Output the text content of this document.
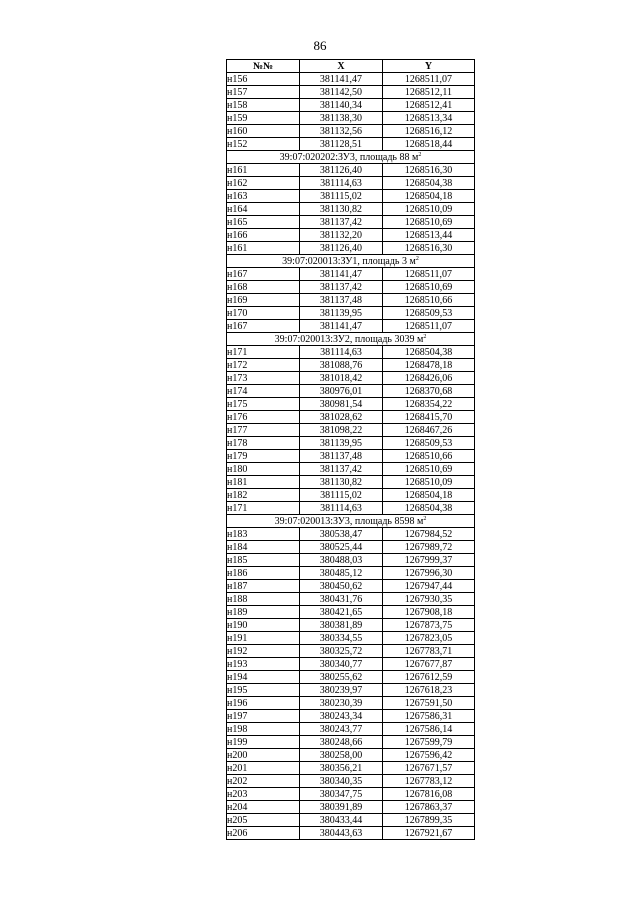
86
№№	X	Y
н156	381141,47	1268511,07
н157	381142,50	1268512,11
н158	381140,34	1268512,41
н159	381138,30	1268513,34
н160	381132,56	1268516,12
н152	381128,51	1268518,44
39:07:020202:ЗУ3, площадь 88 $м^2$
н161	381126,40	1268516,30
н162	381114,63	1268504,38
н163	381115,02	1268504,18
н164	381130,82	1268510,09
н165	381137,42	1268510,69
н166	381132,20	1268513,44
н161	381126,40	1268516,30
39:07:020013:ЗУ1, площадь 3 $м^2$
н167	381141,47	1268511,07
н168	381137,42	1268510,69
н169	381137,48	1268510,66
н170	381139,95	1268509,53
н167	381141,47	1268511,07
39:07:020013:ЗУ2, площадь 3039 $м^2$
н171	381114,63	1268504,38
н172	381088,76	1268478,18
н173	381018,42	1268426,06
н174	380976,01	1268370,68
н175	380981,54	1268354,22
н176	381028,62	1268415,70
н177	381098,22	1268467,26
н178	381139,95	1268509,53
н179	381137,48	1268510,66
н180	381137,42	1268510,69
н181	381130,82	1268510,09
н182	381115,02	1268504,18
н171	381114,63	1268504,38
39:07:020013:ЗУ3, площадь 8598 $м^2$
н183	380538,47	1267984,52
н184	380525,44	1267989,72
н185	380488,03	1267999,37
н186	380485,12	1267996,30
н187	380450,62	1267947,44
н188	380431,76	1267930,35
н189	380421,65	1267908,18
н190	380381,89	1267873,75
н191	380334,55	1267823,05
н192	380325,72	1267783,71
н193	380340,77	1267677,87
н194	380255,62	1267612,59
н195	380239,97	1267618,23
н196	380230,39	1267591,50
н197	380243,34	1267586,31
н198	380243,77	1267586,14
н199	380248,66	1267599,79
н200	380258,00	1267596,42
н201	380356,21	1267671,57
н202	380340,35	1267783,12
н203	380347,75	1267816,08
н204	380391,89	1267863,37
н205	380433,44	1267899,35
н206	380443,63	1267921,67
